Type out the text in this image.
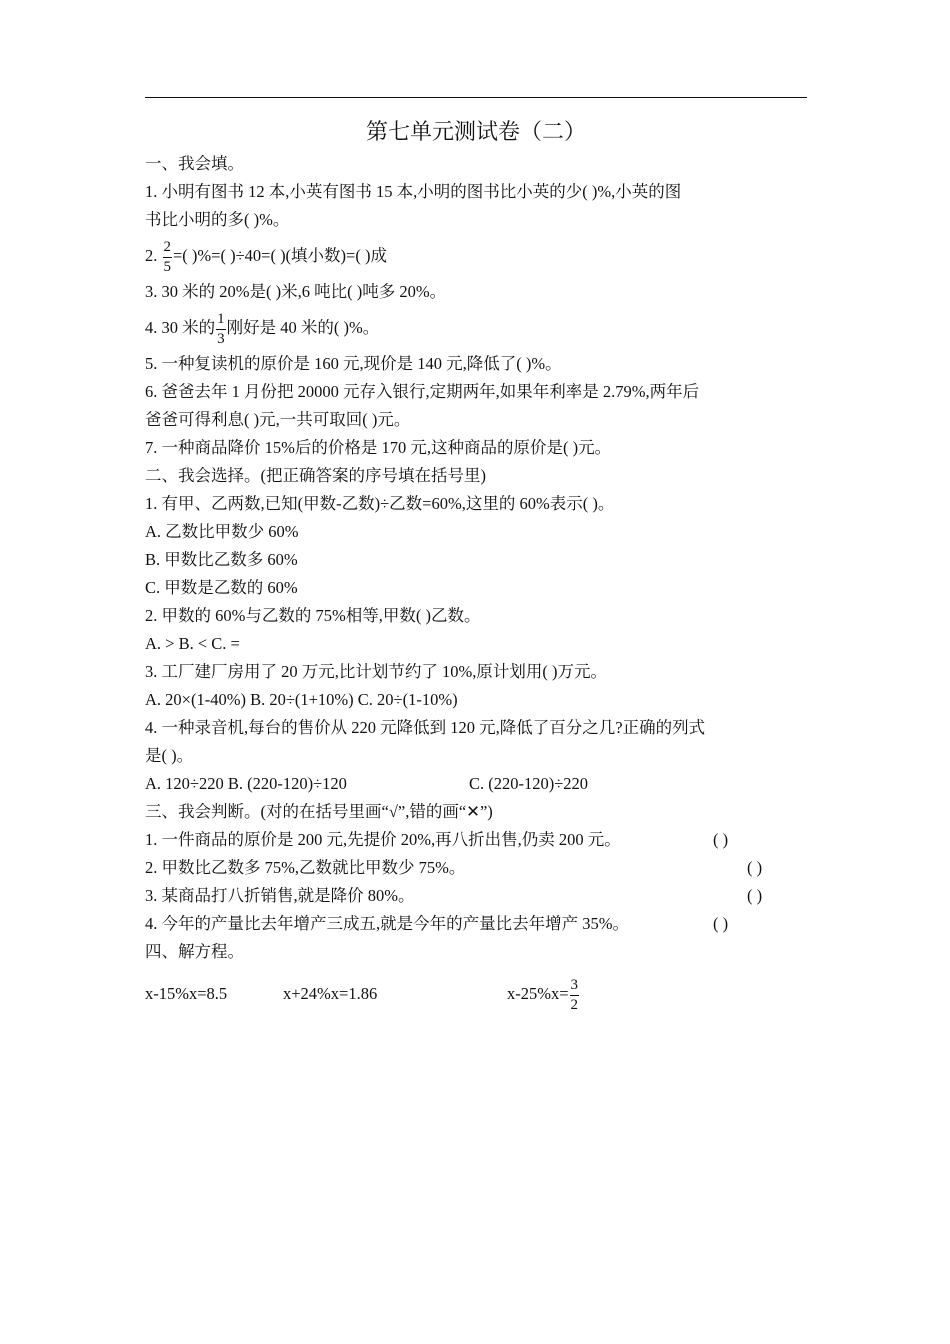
第七单元测试卷（二）
一、我会填。
1. 小明有图书 12 本,小英有图书 15 本,小明的图书比小英的少( )%,小英的图
书比小明的多( )%。
2. $\frac{2}{5}$ =( )%=( )÷40=( )(填小数)=( )成
3. 30 米的 20%是( )米,6 吨比( )吨多 20%。
4. 30 米的 $\frac{1}{3}$ 刚好是 40 米的( )%。
5. 一种复读机的原价是 160 元,现价是 140 元,降低了( )%。
6. 爸爸去年 1 月份把 20000 元存入银行,定期两年,如果年利率是 2.79%,两年后
爸爸可得利息( )元,一共可取回( )元。
7. 一种商品降价 15%后的价格是 170 元,这种商品的原价是( )元。
二、我会选择。(把正确答案的序号填在括号里)
1. 有甲、乙两数,已知(甲数-乙数)÷乙数=60%,这里的 60%表示( )。
A. 乙数比甲数少 60%
B. 甲数比乙数多 60%
C. 甲数是乙数的 60%
2. 甲数的 60%与乙数的 75%相等,甲数( )乙数。
A. > B. < C. =
3. 工厂建厂房用了 20 万元,比计划节约了 10%,原计划用( )万元。
A. 20×(1-40%) B. 20÷(1+10%) C. 20÷(1-10%)
4. 一种录音机,每台的售价从 220 元降低到 120 元,降低了百分之几?正确的列式
是( )。
A. 120÷220 B. (220-120)÷120	C. (220-120)÷220
三、我会判断。(对的在括号里画“√”,错的画“✕”)
1. 一件商品的原价是 200 元,先提价 20%,再八折出售,仍卖 200 元。	( )
2. 甲数比乙数多 75%,乙数就比甲数少 75%。	( )
3. 某商品打八折销售,就是降价 80%。	( )
4. 今年的产量比去年增产三成五,就是今年的产量比去年增产 35%。	( )
四、解方程。
x-15%x=8.5	x+24%x=1.86	$x-25\%x= \frac{3}{2}$
